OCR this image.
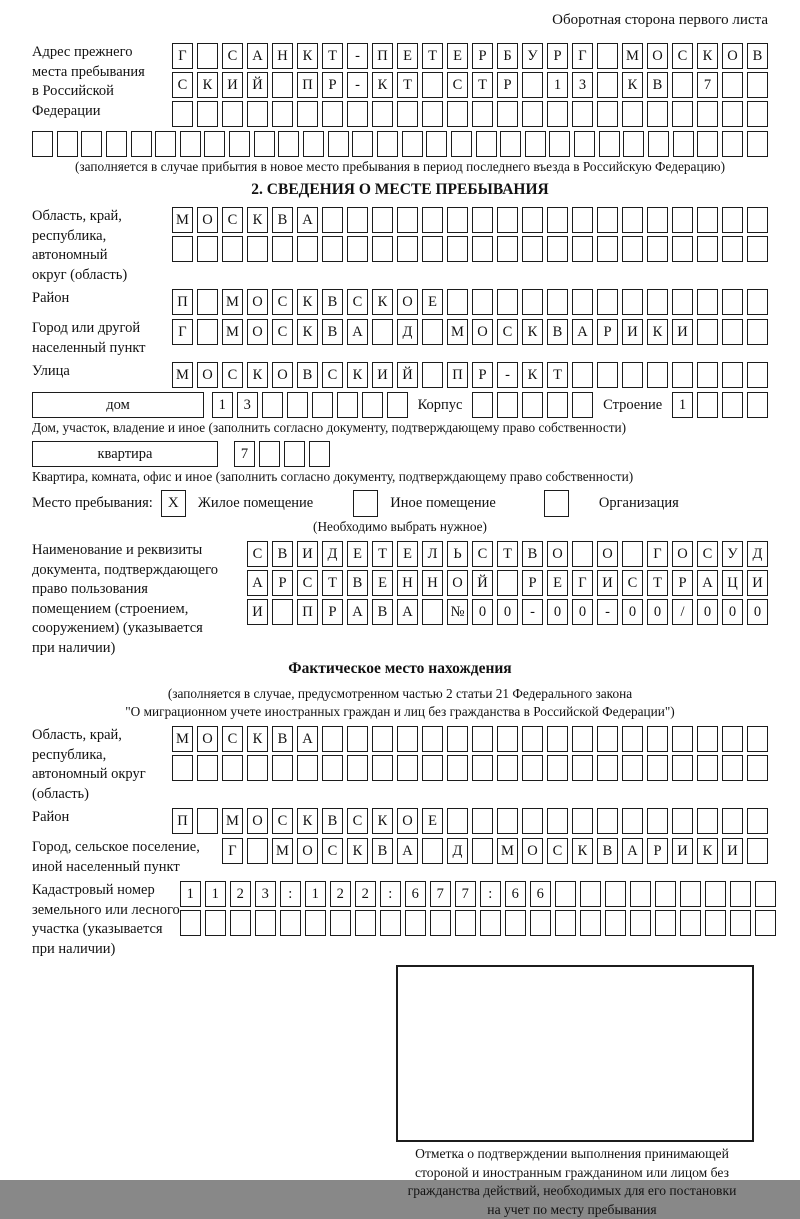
Оборотная сторона первого листа
Адрес прежнего
места пребывания
в Российской
Федерации
Г	С	А	Н	К	Т	-	П	Е	Т	Е	Р	Б	У	Р	Г	М О	С	К	О	В
С	К	И	Й	П	Р	-	К	Т	С	Т	Р	1	3	К	В	7
(заполняется в случае прибытия в новое место пребывания в период последнего въезда в Российскую Федерацию)
2. СВЕДЕНИЯ О МЕСТЕ ПРЕБЫВАНИЯ
Область, край,
республика,
автономный
округ (область)
М О	С	К	В	А
Район	П	М О	С	К	В	С	К	О	Е
Город или другой
населенный пункт
Г	М О	С	К	В	А	Д	М О	С	К	В	А	Р	И	К	И
Улица	М О	С	К	О	В	С	К	И	Й	П	Р	-	К	Т
дом	1	3	Корпус	Строение	1
Дом, участок, владение и иное (заполнить согласно документу, подтверждающему право собственности)
квартира	7
Квартира, комната, офис и иное (заполнить согласно документу, подтверждающему право собственности)
Место пребывания:	X	Жилое помещение	Иное помещение	Организация
(Необходимо выбрать нужное)
Наименование и реквизиты
документа, подтверждающего
право пользования
помещением (строением,
сооружением) (указывается
при наличии)
С	В	И	Д	Е	Т	Е	Л	Ь	С	Т	В	О	О	Г	О	С	У	Д
А	Р	С	Т	В	Е	Н	Н	О	Й	Р	Е	Г	И	С	Т	Р	А	Ц	И
И	П	Р	А	В	А	№ 0	0	-	0	0	-	0	0	/	0	0	0
Фактическое место нахождения
(заполняется в случае, предусмотренном частью 2 статьи 21 Федерального закона
"О миграционном учете иностранных граждан и лиц без гражданства в Российской Федерации")
Область, край,
республика,
автономный округ
(область)
М О	С	К	В	А
Район	П	М О	С	К	В	С	К	О	Е
Город, сельское поселение,
иной населенный пункт
Г	М О	С	К	В	А	Д	М О	С	К	В	А	Р	И	К	И
Кадастровый номер
земельного или лесного
участка (указывается
при наличии)
1	1	2	3	:	1	2	2	:	6	7	7	:	6	6
Отметка о подтверждении выполнения принимающей
стороной и иностранным гражданином или лицом без
гражданства действий, необходимых для его постановки
на учет по месту пребывания
